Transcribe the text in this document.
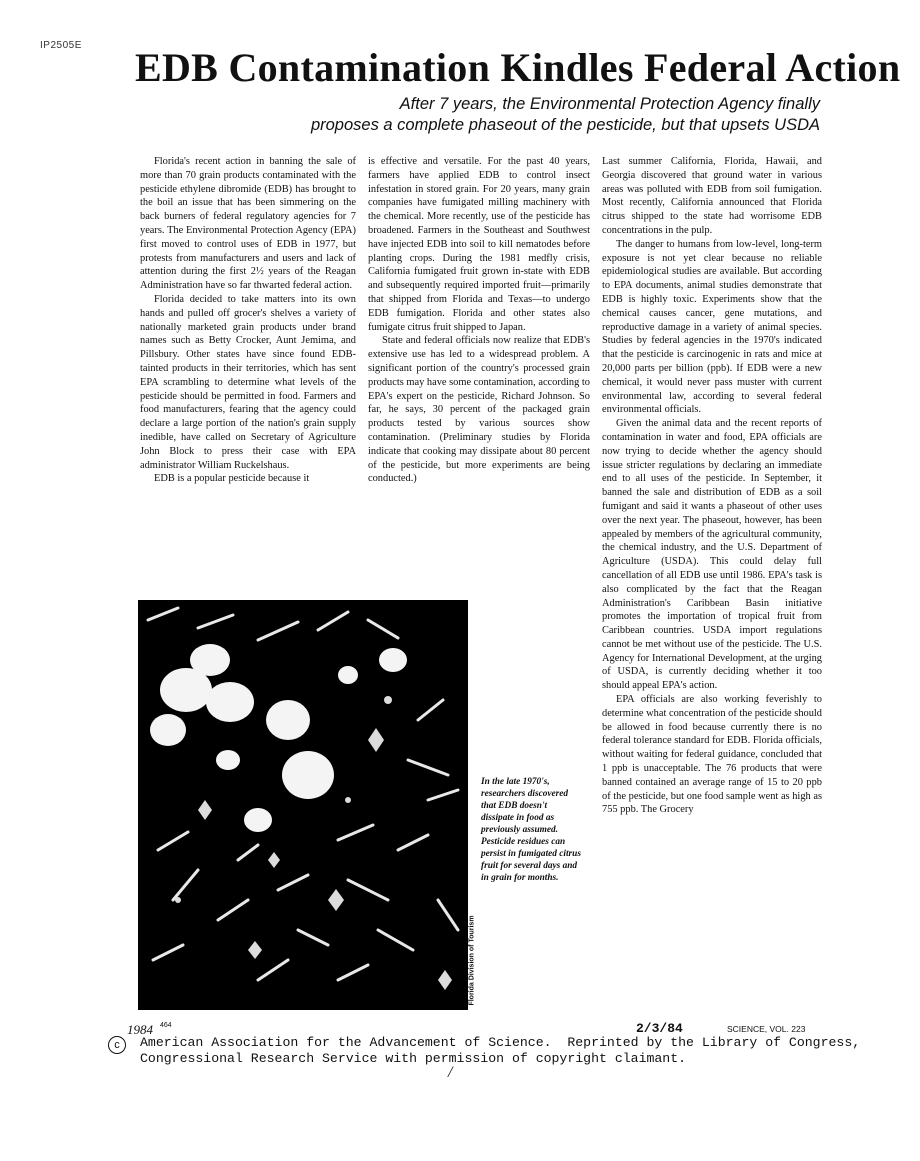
IP2505E EDB Contamination Kindles Federal Action
After 7 years, the Environmental Protection Agency finally
proposes a complete phaseout of the pesticide, but that upsets USDA

Florida's recent action in banning the sale of more than 70 grain products contaminated with the pesticide ethylene dibromide (EDB) has brought to the boil an issue that has been simmering on the back burners of federal regulatory agencies for 7 years. The Environmental Protection Agency (EPA) first moved to control uses of EDB in 1977, but protests from manufacturers and users and lack of attention during the first 2½ years of the Reagan Administration have so far thwarted federal action.

Florida decided to take matters into its own hands and pulled off grocer's shelves a variety of nationally marketed grain products under brand names such as Betty Crocker, Aunt Jemima, and Pillsbury. Other states have since found EDB-tainted products in their territories, which has sent EPA scrambling to determine what levels of the pesticide should be permitted in food. Farmers and food manufacturers, fearing that the agency could declare a large portion of the nation's grain supply inedible, have called on Secretary of Agriculture John Block to press their case with EPA administrator William Ruckelshaus.

EDB is a popular pesticide because it

is effective and versatile. For the past 40 years, farmers have applied EDB to control insect infestation in stored grain. For 20 years, many grain companies have fumigated milling machinery with the chemical. More recently, use of the pesticide has broadened. Farmers in the Southeast and Southwest have injected EDB into soil to kill nematodes before planting crops. During the 1981 medfly crisis, California fumigated fruit grown in-state with EDB and subsequently required imported fruit—primarily that shipped from Florida and Texas—to undergo EDB fumigation. Florida and other states also fumigate citrus fruit shipped to Japan.

State and federal officials now realize that EDB's extensive use has led to a widespread problem. A significant portion of the country's processed grain products may have some contamination, according to EPA's expert on the pesticide, Richard Johnson. So far, he says, 30 percent of the packaged grain products tested by various sources show contamination. (Preliminary studies by Florida indicate that cooking may dissipate about 80 percent of the pesticide, but more experiments are being conducted.)

Last summer California, Florida, Hawaii, and Georgia discovered that ground water in various areas was polluted with EDB from soil fumigation. Most recently, California announced that Florida citrus shipped to the state had worrisome EDB concentrations in the pulp.

The danger to humans from low-level, long-term exposure is not yet clear because no reliable epidemiological studies are available. But according to EPA documents, animal studies demonstrate that EDB is highly toxic. Experiments show that the chemical causes cancer, gene mutations, and reproductive damage in a variety of animal species. Studies by federal agencies in the 1970's indicated that the pesticide is carcinogenic in rats and mice at 20,000 parts per billion (ppb). If EDB were a new chemical, it would never pass muster with current environmental law, according to several federal environmental officials.

Given the animal data and the recent reports of contamination in water and food, EPA officials are now trying to decide whether the agency should issue stricter regulations by declaring an immediate end to all uses of the pesticide. In September, it banned the sale and distribution of EDB as a soil fumigant and said it wants a phaseout of other uses over the next year. The phaseout, however, has been appealed by members of the agricultural community, the chemical industry, and the U.S. Department of Agriculture (USDA). This could delay full cancellation of all EDB use until 1986. EPA's task is also complicated by the fact that the Reagan Administration's Caribbean Basin initiative promotes the importation of tropical fruit from Caribbean countries. USDA import regulations cannot be met without use of the pesticide. The U.S. Agency for International Development, at the urging of USDA, is currently deciding whether it too should appeal EPA's action.

EPA officials are also working feverishly to determine what concentration of the pesticide should be allowed in food because currently there is no federal tolerance standard for EDB. Florida officials, without waiting for federal guidance, concluded that 1 ppb is unacceptable. The 76 products that were banned contained an average range of 15 to 20 ppb of the pesticide, but one food sample went as high as 755 ppb. The Grocery

Florida Division of Tourism
In the late 1970's, researchers discovered that EDB doesn't dissipate in food as previously assumed. Pesticide residues can persist in fumigated citrus fruit for several days and in grain for months.
1984 464	2/3/84	SCIENCE, VOL. 223
c	American Association for the Advancement of Science.  Reprinted by the Library of Congress,
Congressional Research Service with permission of copyright claimant.
/
